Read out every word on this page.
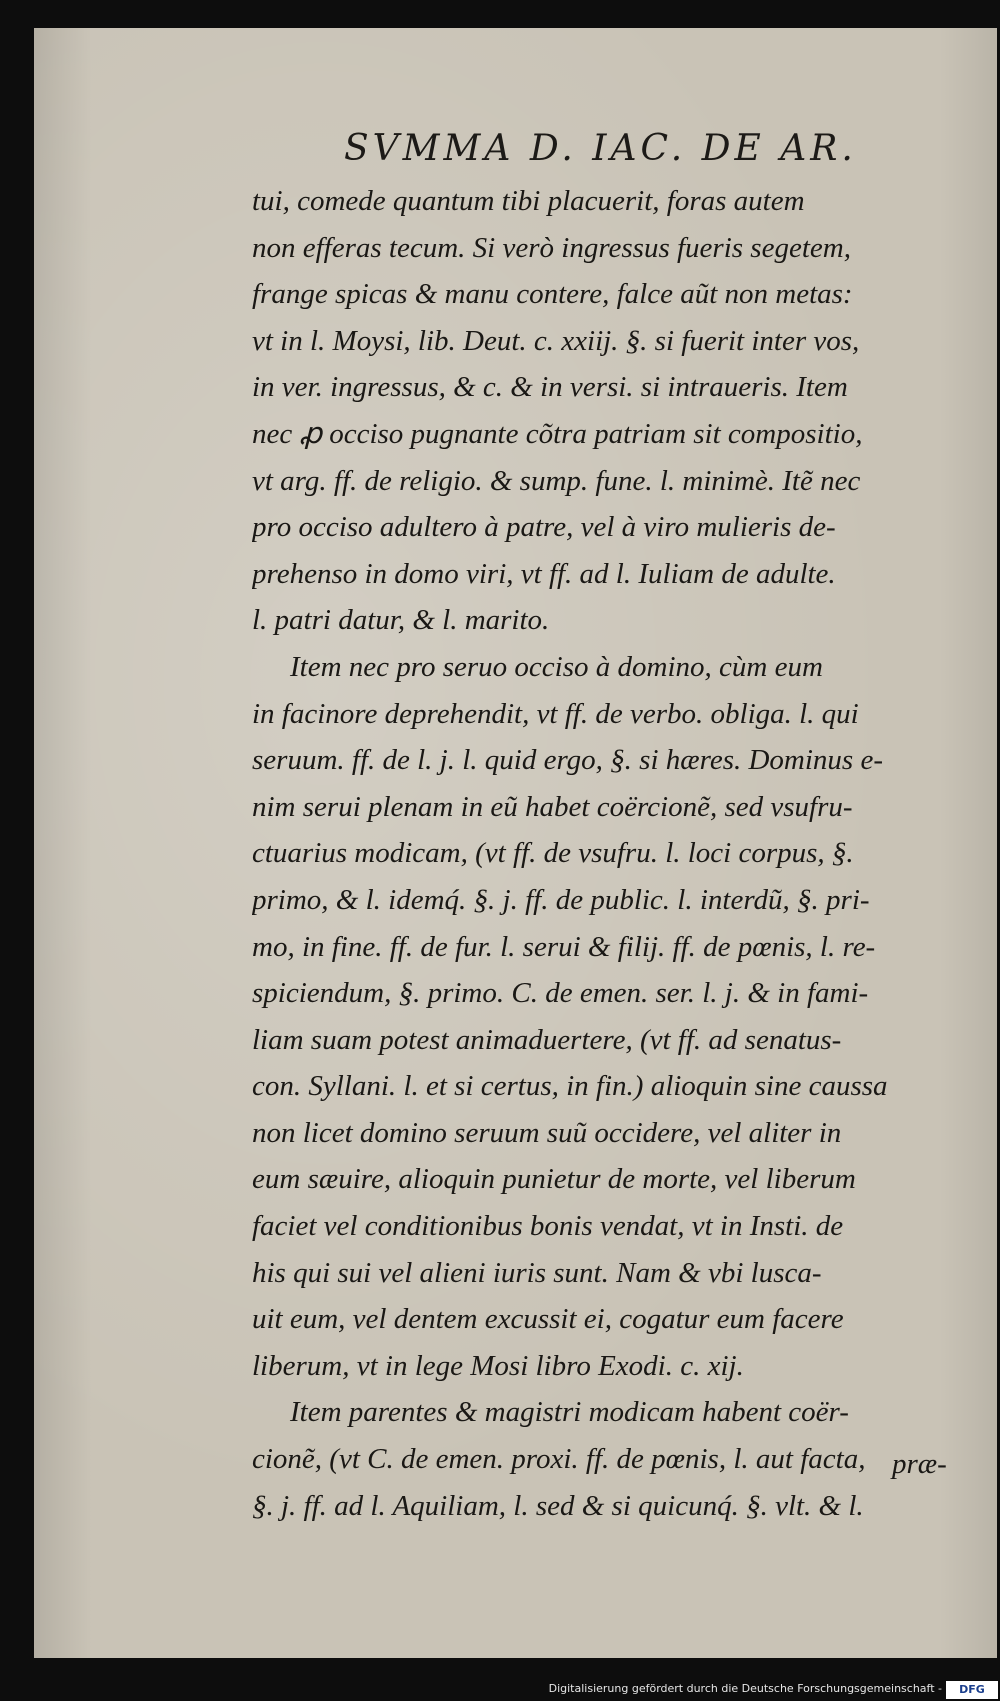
SVMMA D. IAC. DE AR.
tui, comede quantum tibi placuerit, foras autem
non efferas tecum. Si verò ingressus fueris segetem,
frange spicas & manu contere, falce aũt non metas:
vt in l. Moysi, lib. Deut. c. xxiij. §. si fuerit inter vos,
in ver. ingressus, & c. & in versi. si intraueris. Item
nec ꝓ occiso pugnante cõtra patriam sit compositio,
vt arg. ff. de religio. & sump. fune. l. minimè. Itẽ nec
pro occiso adultero à patre, vel à viro mulieris de-
prehenso in domo viri, vt ff. ad l. Iuliam de adulte.
l. patri datur, & l. marito.
Item nec pro seruo occiso à domino, cùm eum
in facinore deprehendit, vt ff. de verbo. obliga. l. qui
seruum. ff. de l. j. l. quid ergo, §. si hæres. Dominus e-
nim serui plenam in eũ habet coërcionẽ, sed vsufru-
ctuarius modicam, (vt ff. de vsufru. l. loci corpus, §.
primo, & l. idemq́. §. j. ff. de public. l. interdũ, §. pri-
mo, in fine. ff. de fur. l. serui & filij. ff. de pœnis, l. re-
spiciendum, §. primo. C. de emen. ser. l. j. & in fami-
liam suam potest animaduertere, (vt ff. ad senatus-
con. Syllani. l. et si certus, in fin.) alioquin sine caussa
non licet domino seruum suũ occidere, vel aliter in
eum sæuire, alioquin punietur de morte, vel liberum
faciet vel conditionibus bonis vendat, vt in Insti. de
his qui sui vel alieni iuris sunt. Nam & vbi lusca-
uit eum, vel dentem excussit ei, cogatur eum facere
liberum, vt in lege Mosi libro Exodi. c. xij.
Item parentes & magistri modicam habent coër-
cionẽ, (vt C. de emen. proxi. ff. de pœnis, l. aut facta,
§. j. ff. ad l. Aquiliam, l. sed & si quicunq́. §. vlt. & l.
præ-
Digitalisierung gefördert durch die Deutsche Forschungsgemeinschaft -	DFG
